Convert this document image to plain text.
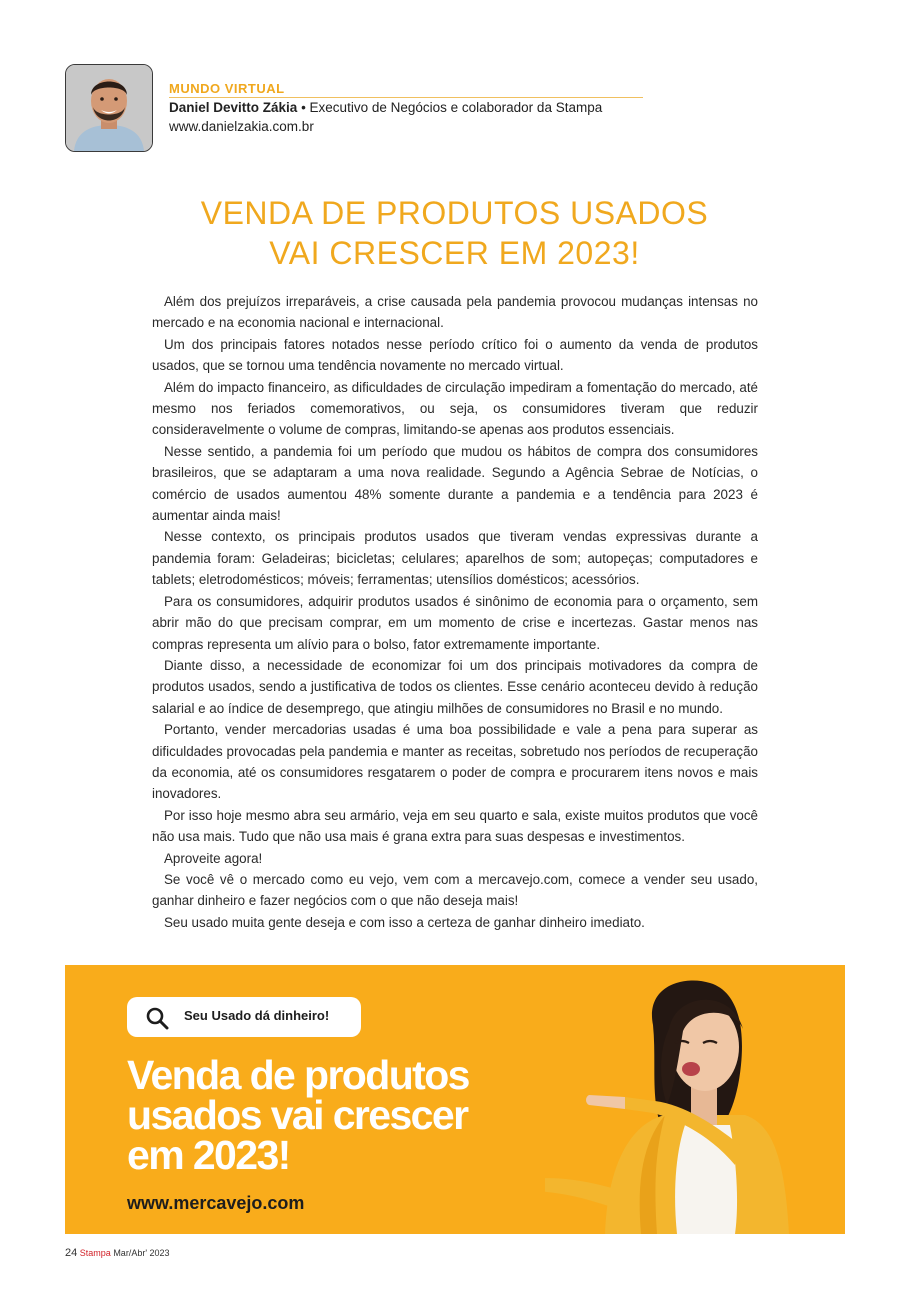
MUNDO VIRTUAL
Daniel Devitto Zákia • Executivo de Negócios e colaborador da Stampa
www.danielzakia.com.br
VENDA DE PRODUTOS USADOS
VAI CRESCER EM 2023!

Além dos prejuízos irreparáveis, a crise causada pela pandemia provocou mudanças intensas no mercado e na economia nacional e internacional.

Um dos principais fatores notados nesse período crítico foi o aumento da venda de produtos usados, que se tornou uma tendência novamente no mercado virtual.

Além do impacto financeiro, as dificuldades de circulação impediram a fomentação do mercado, até mesmo nos feriados comemorativos, ou seja, os consumidores tiveram que reduzir consideravelmente o volume de compras, limitando-se apenas aos produtos essenciais.

Nesse sentido, a pandemia foi um período que mudou os hábitos de compra dos consumidores brasileiros, que se adaptaram a uma nova realidade. Segundo a Agência Sebrae de Notícias, o comércio de usados aumentou 48% somente durante a pandemia e a tendência para 2023 é aumentar ainda mais!

Nesse contexto, os principais produtos usados que tiveram vendas expressivas durante a pandemia foram: Geladeiras; bicicletas; celulares; aparelhos de som; autopeças; computadores e tablets; eletrodomésticos; móveis; ferramentas; utensílios domésticos; acessórios.

Para os consumidores, adquirir produtos usados é sinônimo de economia para o orçamento, sem abrir mão do que precisam comprar, em um momento de crise e incertezas. Gastar menos nas compras representa um alívio para o bolso, fator extremamente importante.

Diante disso, a necessidade de economizar foi um dos principais motivadores da compra de produtos usados, sendo a justificativa de todos os clientes. Esse cenário aconteceu devido à redução salarial e ao índice de desemprego, que atingiu milhões de consumidores no Brasil e no mundo.

Portanto, vender mercadorias usadas é uma boa possibilidade e vale a pena para superar as dificuldades provocadas pela pandemia e manter as receitas, sobretudo nos períodos de recuperação da economia, até os consumidores resgatarem o poder de compra e procurarem itens novos e mais inovadores.

Por isso hoje mesmo abra seu armário, veja em seu quarto e sala, existe muitos produtos que você não usa mais. Tudo que não usa mais é grana extra para suas despesas e investimentos.

Aproveite agora!

Se você vê o mercado como eu vejo, vem com a mercavejo.com, comece a vender seu usado, ganhar dinheiro e fazer negócios com o que não deseja mais!

Seu usado muita gente deseja e com isso a certeza de ganhar dinheiro imediato.

Seu Usado dá dinheiro!
Venda de produtos
usados vai crescer
em 2023!
www.mercavejo.com
24 Stampa Mar/Abr' 2023
